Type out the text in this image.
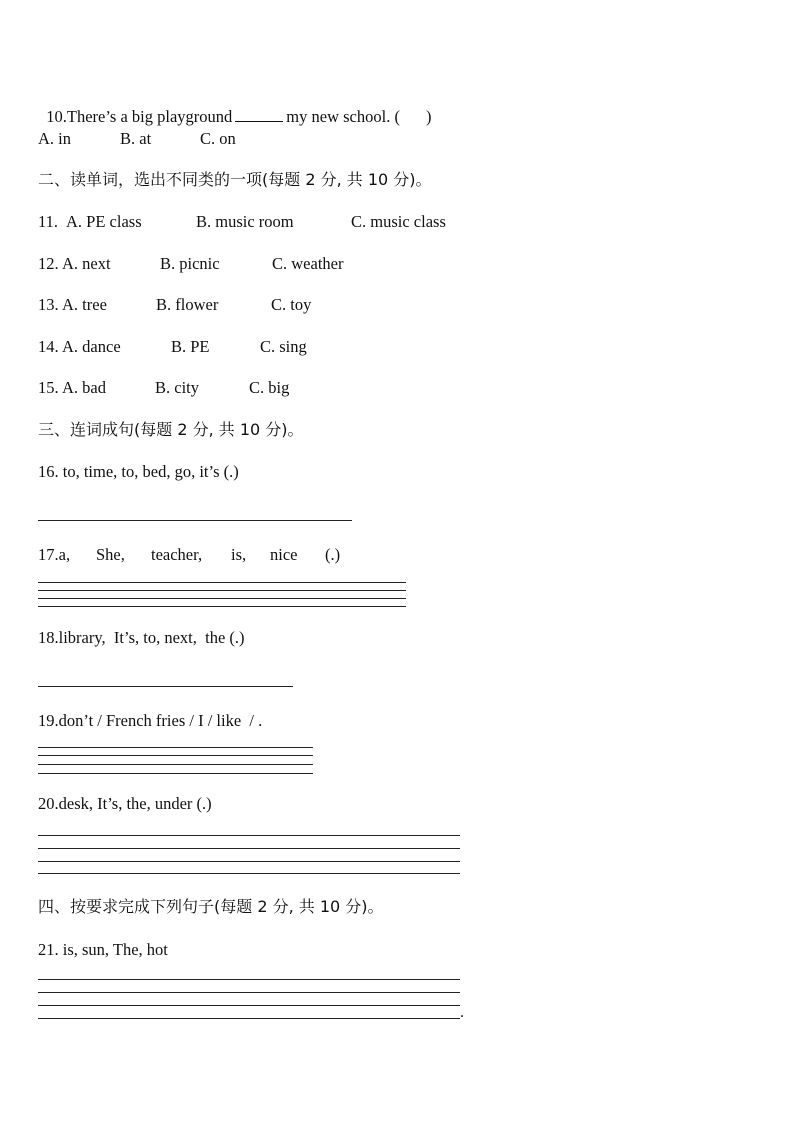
10.There’s a big playground	my new school. ( )

A. in

	B. at

	C. on

二、读单词，选出不同类的一项(每题 2 分, 共 10 分)。

11.

A. PE class

	B. music room

	C. music class

12.

A. next

	B. picnic

	C. weather

13.

A. tree

	B. flower

	C. toy

14.

A. dance

	B. PE

	C. sing

15.

A. bad

	B. city

	C. big

三、连词成句(每题 2 分, 共 10 分)。
16. to, time, to, bed, go, it’s (.)

17.a,

She,

teacher,

is,

nice

(.)

18.library,  It’s, to, next,  the (.)
19.don’t / French fries / I / like  / .
20.desk, It’s, the, under (.)
四、按要求完成下列句子(每题 2 分, 共 10 分)。
21. is, sun, The, hot
.
